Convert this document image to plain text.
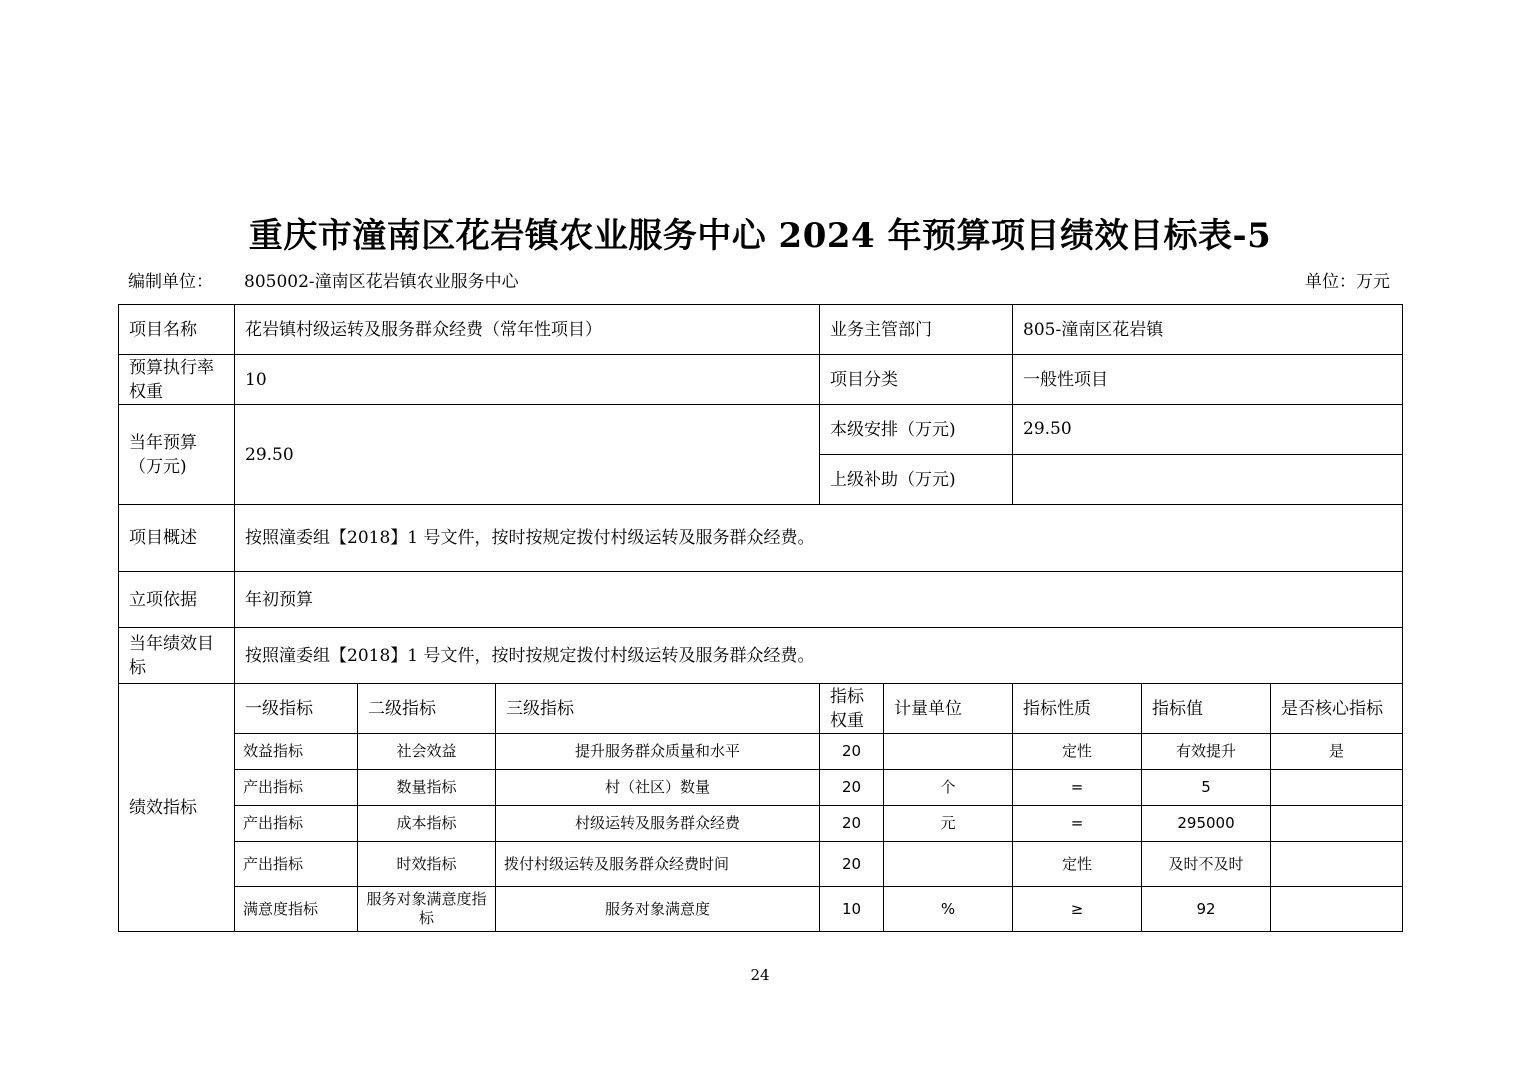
重庆市潼南区花岩镇农业服务中心 2024 年预算项目绩效目标表-5
编制单位： 805002-潼南区花岩镇农业服务中心	单位：万元
项目名称	花岩镇村级运转及服务群众经费（常年性项目）			业务主管部门		805-潼南区花岩镇		
预算执行率权重	10			项目分类		一般性项目		
当年预算（万元)	29.50			本级安排（万元)		29.50		
				上级补助（万元)				
项目概述	按照潼委组【2018】1 号文件，按时按规定拨付村级运转及服务群众经费。							
立项依据	年初预算							
当年绩效目标	按照潼委组【2018】1 号文件，按时按规定拨付村级运转及服务群众经费。							
绩效指标	一级指标	二级指标	三级指标	指标权重	计量单位	指标性质	指标值	是否核心指标
	效益指标	社会效益	提升服务群众质量和水平	20		定性	有效提升	是
	产出指标	数量指标	村（社区）数量	20	个	=	5	
	产出指标	成本指标	村级运转及服务群众经费	20	元	=	295000	
	产出指标	时效指标	拨付村级运转及服务群众经费时间	20		定性	及时不及时	
	满意度指标	服务对象满意度指标	服务对象满意度	10	%	≥	92	
24
